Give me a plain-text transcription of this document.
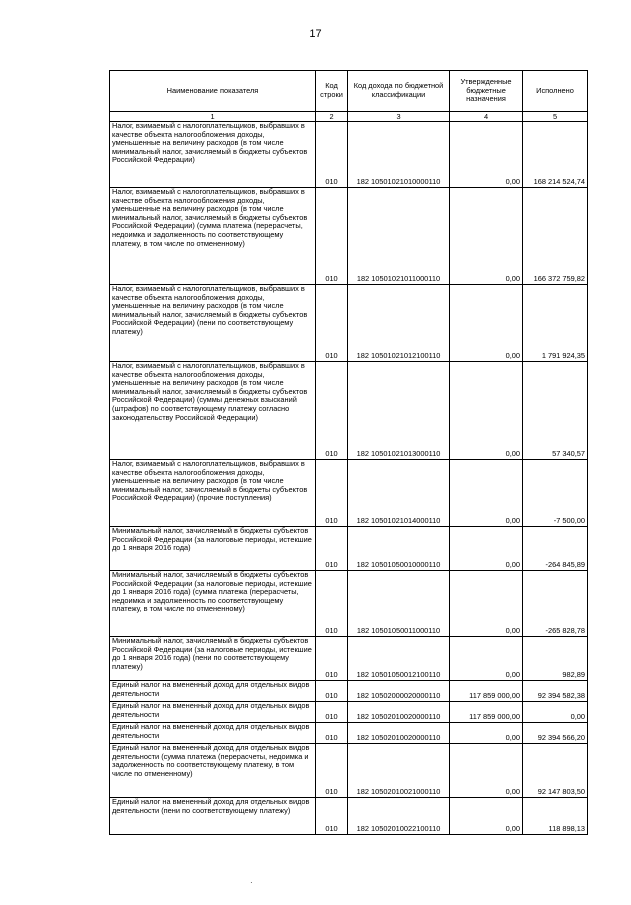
17
Наименование показателя	Код строки	Код дохода по бюджетной классификации	Утвержденные бюджетные назначения	Исполнено
1	2	3	4	5
Налог, взимаемый с налогоплательщиков, выбравших в качестве объекта налогообложения доходы, уменьшенные на величину расходов (в том числе минимальный налог, зачисляемый в бюджеты субъектов Российской Федерации)	010	182 10501021010000110	0,00	168 214 524,74
Налог, взимаемый с налогоплательщиков, выбравших в качестве объекта налогообложения доходы, уменьшенные на величину расходов (в том числе минимальный налог, зачисляемый в бюджеты субъектов Российской Федерации) (сумма платежа (перерасчеты, недоимка и задолженность по соответствующему платежу, в том числе по отмененному)	010	182 10501021011000110	0,00	166 372 759,82
Налог, взимаемый с налогоплательщиков, выбравших в качестве объекта налогообложения доходы, уменьшенные на величину расходов (в том числе минимальный налог, зачисляемый в бюджеты субъектов Российской Федерации) (пени по соответствующему платежу)	010	182 10501021012100110	0,00	1 791 924,35
Налог, взимаемый с налогоплательщиков, выбравших в качестве объекта налогообложения доходы, уменьшенные на величину расходов (в том числе минимальный налог, зачисляемый в бюджеты субъектов Российской Федерации) (суммы денежных взысканий (штрафов) по соответствующему платежу согласно законодательству Российской Федерации)	010	182 10501021013000110	0,00	57 340,57
Налог, взимаемый с налогоплательщиков, выбравших в качестве объекта налогообложения доходы, уменьшенные на величину расходов (в том числе минимальный налог, зачисляемый в бюджеты субъектов Российской Федерации) (прочие поступления)	010	182 10501021014000110	0,00	-7 500,00
Минимальный налог, зачисляемый в бюджеты субъектов Российской Федерации (за налоговые периоды, истекшие до 1 января 2016 года)	010	182 10501050010000110	0,00	-264 845,89
Минимальный налог, зачисляемый в бюджеты субъектов Российской Федерации (за налоговые периоды, истекшие до 1 января 2016 года) (сумма платежа (перерасчеты, недоимка и задолженность по соответствующему платежу, в том числе по отмененному)	010	182 10501050011000110	0,00	-265 828,78
Минимальный налог, зачисляемый в бюджеты субъектов Российской Федерации (за налоговые периоды, истекшие до 1 января 2016 года) (пени по соответствующему платежу)	010	182 10501050012100110	0,00	982,89
Единый налог на вмененный доход для отдельных видов деятельности	010	182 10502000020000110	117 859 000,00	92 394 582,38
Единый налог на вмененный доход для отдельных видов деятельности	010	182 10502010020000110	117 859 000,00	0,00
Единый налог на вмененный доход для отдельных видов деятельности	010	182 10502010020000110	0,00	92 394 566,20
Единый налог на вмененный доход для отдельных видов деятельности (сумма платежа (перерасчеты, недоимка и задолженность по соответствующему платежу, в том числе по отмененному)	010	182 10502010021000110	0,00	92 147 803,50
Единый налог на вмененный доход для отдельных видов деятельности (пени по соответствующему платежу)	010	182 10502010022100110	0,00	118 898,13
·
